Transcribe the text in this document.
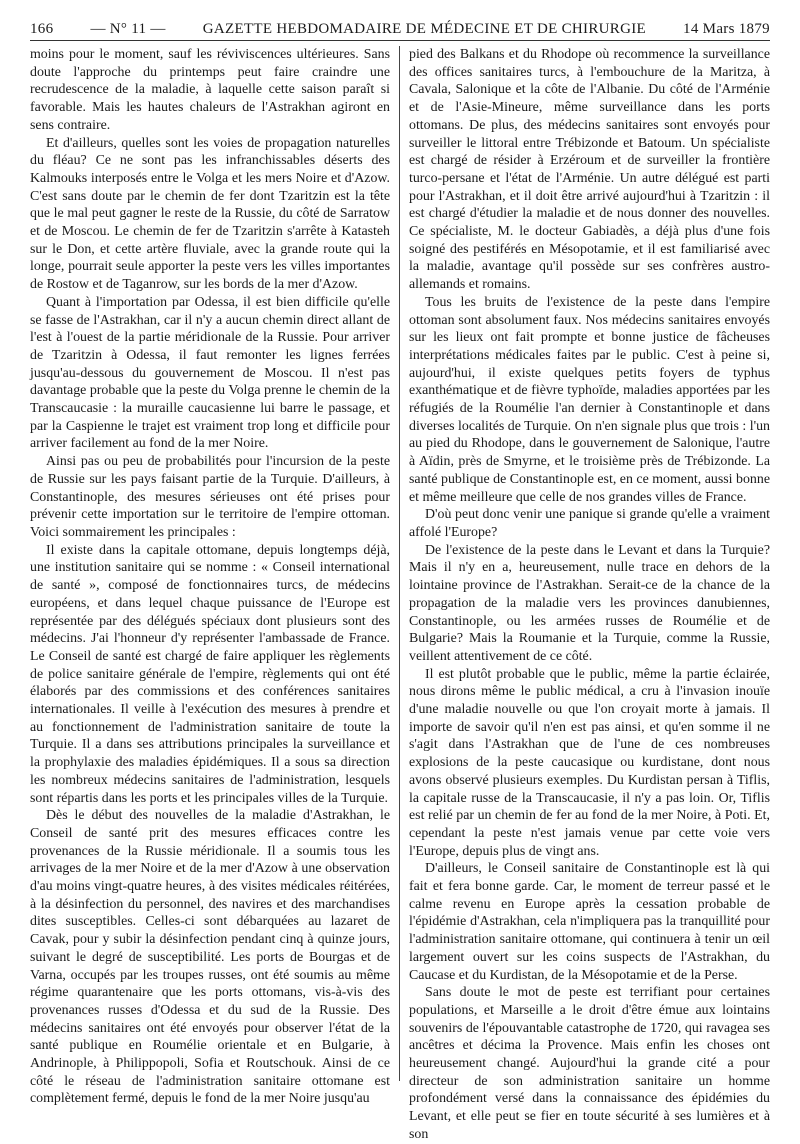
166 — N° 11 — GAZETTE HEBDOMADAIRE DE MÉDECINE ET DE CHIRURGIE 14 Mars 1879

moins pour le moment, sauf les réviviscences ultérieures. Sans doute l'approche du printemps peut faire craindre une recrudescence de la maladie, à laquelle cette saison paraît si favorable. Mais les hautes chaleurs de l'Astrakhan agiront en sens contraire.

Et d'ailleurs, quelles sont les voies de propagation naturelles du fléau? Ce ne sont pas les infranchissables déserts des Kalmouks interposés entre le Volga et les mers Noire et d'Azow. C'est sans doute par le chemin de fer dont Tzaritzin est la tête que le mal peut gagner le reste de la Russie, du côté de Sarratow et de Moscou. Le chemin de fer de Tzaritzin s'arrête à Katasteh sur le Don, et cette artère fluviale, avec la grande route qui la longe, pourrait seule apporter la peste vers les villes importantes de Rostow et de Taganrow, sur les bords de la mer d'Azow.

Quant à l'importation par Odessa, il est bien difficile qu'elle se fasse de l'Astrakhan, car il n'y a aucun chemin direct allant de l'est à l'ouest de la partie méridionale de la Russie. Pour arriver de Tzaritzin à Odessa, il faut remonter les lignes ferrées jusqu'au-dessous du gouvernement de Moscou. Il n'est pas davantage probable que la peste du Volga prenne le chemin de la Transcaucasie : la muraille caucasienne lui barre le passage, et par la Caspienne le trajet est vraiment trop long et difficile pour arriver facilement au fond de la mer Noire.

Ainsi pas ou peu de probabilités pour l'incursion de la peste de Russie sur les pays faisant partie de la Turquie. D'ailleurs, à Constantinople, des mesures sérieuses ont été prises pour prévenir cette importation sur le territoire de l'empire ottoman. Voici sommairement les principales :

Il existe dans la capitale ottomane, depuis longtemps déjà, une institution sanitaire qui se nomme : « Conseil international de santé », composé de fonctionnaires turcs, de médecins européens, et dans lequel chaque puissance de l'Europe est représentée par des délégués spéciaux dont plusieurs sont des médecins. J'ai l'honneur d'y représenter l'ambassade de France. Le Conseil de santé est chargé de faire appliquer les règlements de police sanitaire générale de l'empire, règlements qui ont été élaborés par des commissions et des conférences sanitaires internationales. Il veille à l'exécution des mesures à prendre et au fonctionnement de l'administration sanitaire de toute la Turquie. Il a dans ses attributions principales la surveillance et la prophylaxie des maladies épidémiques. Il a sous sa direction les nombreux médecins sanitaires de l'administration, lesquels sont répartis dans les ports et les principales villes de la Turquie.

Dès le début des nouvelles de la maladie d'Astrakhan, le Conseil de santé prit des mesures efficaces contre les provenances de la Russie méridionale. Il a soumis tous les arrivages de la mer Noire et de la mer d'Azow à une observation d'au moins vingt-quatre heures, à des visites médicales réitérées, à la désinfection du personnel, des navires et des marchandises dites susceptibles. Celles-ci sont débarquées au lazaret de Cavak, pour y subir la désinfection pendant cinq à quinze jours, suivant le degré de susceptibilité. Les ports de Bourgas et de Varna, occupés par les troupes russes, ont été soumis au même régime quarantenaire que les ports ottomans, vis-à-vis des provenances russes d'Odessa et du sud de la Russie. Des médecins sanitaires ont été envoyés pour observer l'état de la santé publique en Roumélie orientale et en Bulgarie, à Andrinople, à Philippopoli, Sofia et Routschouk. Ainsi de ce côté le réseau de l'administration sanitaire ottomane est complètement fermé, depuis le fond de la mer Noire jusqu'au

pied des Balkans et du Rhodope où recommence la surveillance des offices sanitaires turcs, à l'embouchure de la Maritza, à Cavala, Salonique et la côte de l'Albanie. Du côté de l'Arménie et de l'Asie-Mineure, même surveillance dans les ports ottomans. De plus, des médecins sanitaires sont envoyés pour surveiller le littoral entre Trébizonde et Batoum. Un spécialiste est chargé de résider à Erzéroum et de surveiller la frontière turco-persane et l'état de l'Arménie. Un autre délégué est parti pour l'Astrakhan, et il doit être arrivé aujourd'hui à Tzaritzin : il est chargé d'étudier la maladie et de nous donner des nouvelles. Ce spécialiste, M. le docteur Gabiadès, a déjà plus d'une fois soigné des pestiférés en Mésopotamie, et il est familiarisé avec la maladie, avantage qu'il possède sur ses confrères austro-allemands et romains.

Tous les bruits de l'existence de la peste dans l'empire ottoman sont absolument faux. Nos médecins sanitaires envoyés sur les lieux ont fait prompte et bonne justice de fâcheuses interprétations médicales faites par le public. C'est à peine si, aujourd'hui, il existe quelques petits foyers de typhus exanthématique et de fièvre typhoïde, maladies apportées par les réfugiés de la Roumélie l'an dernier à Constantinople et dans diverses localités de Turquie. On n'en signale plus que trois : l'un au pied du Rhodope, dans le gouvernement de Salonique, l'autre à Aïdin, près de Smyrne, et le troisième près de Trébizonde. La santé publique de Constantinople est, en ce moment, aussi bonne et même meilleure que celle de nos grandes villes de France.

D'où peut donc venir une panique si grande qu'elle a vraiment affolé l'Europe?

De l'existence de la peste dans le Levant et dans la Turquie? Mais il n'y en a, heureusement, nulle trace en dehors de la lointaine province de l'Astrakhan. Serait-ce de la chance de la propagation de la maladie vers les provinces danubiennes, Constantinople, ou les armées russes de Roumélie et de Bulgarie? Mais la Roumanie et la Turquie, comme la Russie, veillent attentivement de ce côté.

Il est plutôt probable que le public, même la partie éclairée, nous dirons même le public médical, a cru à l'invasion inouïe d'une maladie nouvelle ou que l'on croyait morte à jamais. Il importe de savoir qu'il n'en est pas ainsi, et qu'en somme il ne s'agit dans l'Astrakhan que de l'une de ces nombreuses explosions de la peste caucasique ou kurdistane, dont nous avons observé plusieurs exemples. Du Kurdistan persan à Tiflis, la capitale russe de la Transcaucasie, il n'y a pas loin. Or, Tiflis est relié par un chemin de fer au fond de la mer Noire, à Poti. Et, cependant la peste n'est jamais venue par cette voie vers l'Europe, depuis plus de vingt ans.

D'ailleurs, le Conseil sanitaire de Constantinople est là qui fait et fera bonne garde. Car, le moment de terreur passé et le calme revenu en Europe après la cessation probable de l'épidémie d'Astrakhan, cela n'impliquera pas la tranquillité pour l'administration sanitaire ottomane, qui continuera à tenir un œil largement ouvert sur les coins suspects de l'Astrakhan, du Caucase et du Kurdistan, de la Mésopotamie et de la Perse.

Sans doute le mot de peste est terrifiant pour certaines populations, et Marseille a le droit d'être émue aux lointains souvenirs de l'épouvantable catastrophe de 1720, qui ravagea ses ancêtres et décima la Provence. Mais enfin les choses ont heureusement changé. Aujourd'hui la grande cité a pour directeur de son administration sanitaire un homme profondément versé dans la connaissance des épidémies du Levant, et elle peut se fier en toute sécurité à ses lumières et à son
